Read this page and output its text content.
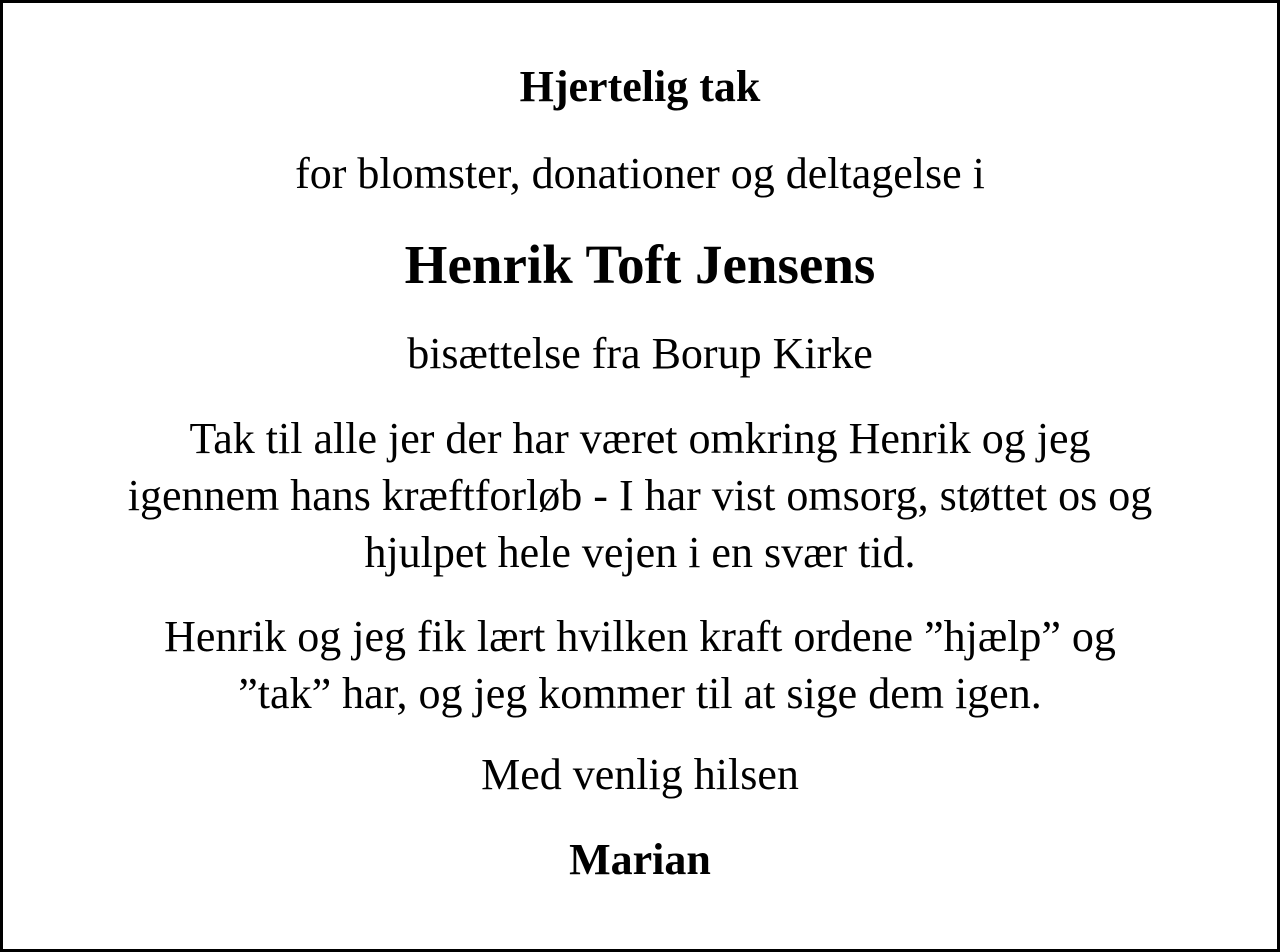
Hjertelig tak

for blomster, donationer og deltagelse i

Henrik Toft Jensens

bisættelse fra Borup Kirke

Tak til alle jer der har været omkring Henrik og jeg
igennem hans kræftforløb - I har vist omsorg, støttet os og
hjulpet hele vejen i en svær tid.

Henrik og jeg fik lært hvilken kraft ordene ”hjælp” og
”tak” har, og jeg kommer til at sige dem igen.

Med venlig hilsen

Marian
